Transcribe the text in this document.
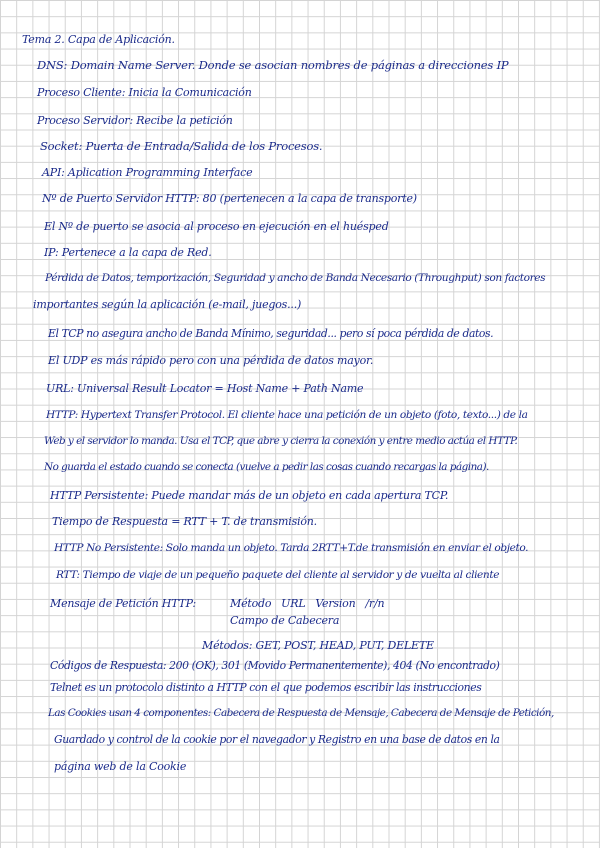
Tema 2. Capa de Aplicación.
DNS: Domain Name Server. Donde se asocian nombres de páginas a direcciones IP
Proceso Cliente: Inicia la Comunicación
Proceso Servidor: Recibe la petición
Socket: Puerta de Entrada/Salida de los Procesos.
API: Aplication Programming Interface
Nº de Puerto Servidor HTTP: 80 (pertenecen a la capa de transporte)
El Nº de puerto se asocia al proceso en ejecución en el huésped
IP: Pertenece a la capa de Red.
Pérdida de Datos, temporización, Seguridad y ancho de Banda Necesario (Throughput) son factores
importantes según la aplicación (e-mail, juegos...)
El TCP no asegura ancho de Banda Mínimo, seguridad... pero sí poca pérdida de datos.
El UDP es más rápido pero con una pérdida de datos mayor.
URL: Universal Result Locator = Host Name + Path Name
HTTP: Hypertext Transfer Protocol. El cliente hace una petición de un objeto (foto, texto...) de la
Web y el servidor lo manda. Usa el TCP, que abre y cierra la conexión y entre medio actúa el HTTP.
No guarda el estado cuando se conecta (vuelve a pedir las cosas cuando recargas la página).
HTTP Persistente: Puede mandar más de un objeto en cada apertura TCP.
Tiempo de Respuesta = RTT + T. de transmisión.
HTTP No Persistente: Solo manda un objeto. Tarda 2RTT+T.de transmisión en enviar el objeto.
RTT: Tiempo de viaje de un pequeño paquete del cliente al servidor y de vuelta al cliente
Mensaje de Petición HTTP:	Método   URL   Version   /r/n
Campo de Cabecera
Métodos: GET, POST, HEAD, PUT, DELETE
Códigos de Respuesta: 200 (OK), 301 (Movido Permanentemente), 404 (No encontrado)
Telnet es un protocolo distinto a HTTP con el que podemos escribir las instrucciones
Las Cookies usan 4 componentes: Cabecera de Respuesta de Mensaje, Cabecera de Mensaje de Petición,
Guardado y control de la cookie por el navegador y Registro en una base de datos en la
página web de la Cookie
